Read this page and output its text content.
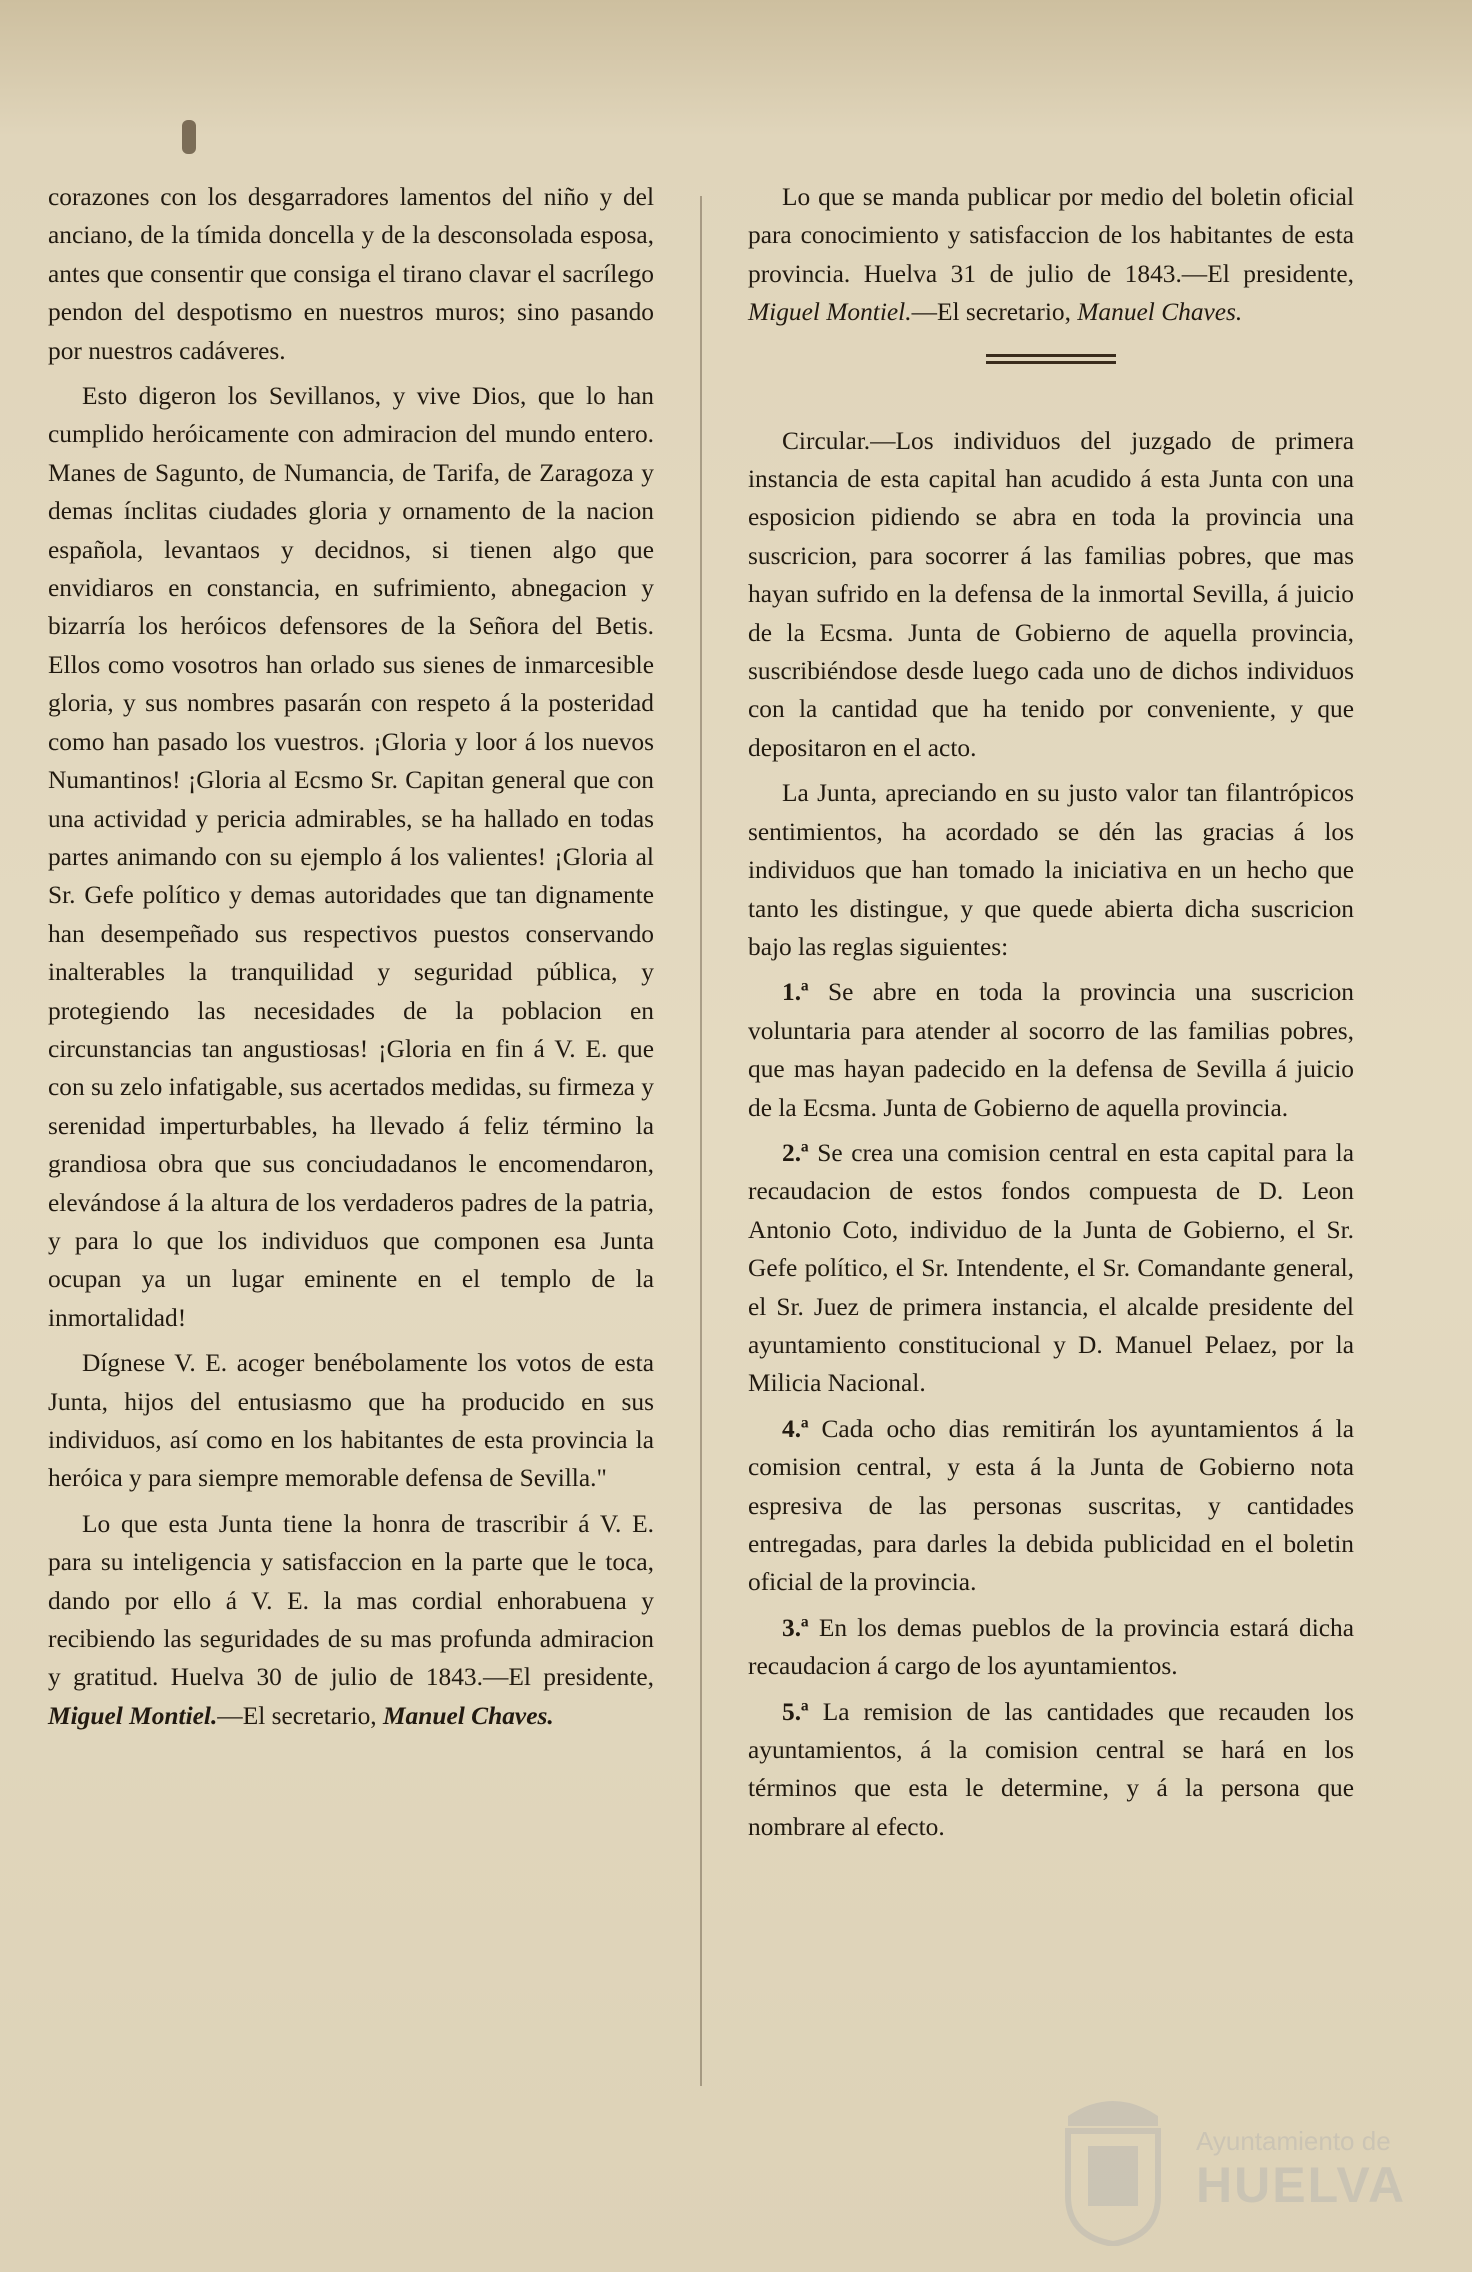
corazones con los desgarradores lamentos del niño y del anciano, de la tímida doncella y de la desconsolada esposa, antes que consentir que consiga el tirano clavar el sacrílego pendon del despotismo en nuestros muros; sino pasando por nuestros cadáveres.

Esto digeron los Sevillanos, y vive Dios, que lo han cumplido heróicamente con admiracion del mundo entero. Manes de Sagunto, de Numancia, de Tarifa, de Zaragoza y demas ínclitas ciudades gloria y ornamento de la nacion española, levantaos y decidnos, si tienen algo que envidiaros en constancia, en sufrimiento, abnegacion y bizarría los heróicos defensores de la Señora del Betis. Ellos como vosotros han orlado sus sienes de inmarcesible gloria, y sus nombres pasarán con respeto á la posteridad como han pasado los vuestros. ¡Gloria y loor á los nuevos Numantinos! ¡Gloria al Ecsmo Sr. Capitan general que con una actividad y pericia admirables, se ha hallado en todas partes animando con su ejemplo á los valientes! ¡Gloria al Sr. Gefe político y demas autoridades que tan dignamente han desempeñado sus respectivos puestos conservando inalterables la tranquilidad y seguridad pública, y protegiendo las necesidades de la poblacion en circunstancias tan angustiosas! ¡Gloria en fin á V. E. que con su zelo infatigable, sus acertados medidas, su firmeza y serenidad imperturbables, ha llevado á feliz término la grandiosa obra que sus conciudadanos le encomendaron, elevándose á la altura de los verdaderos padres de la patria, y para lo que los individuos que componen esa Junta ocupan ya un lugar eminente en el templo de la inmortalidad!

Dígnese V. E. acoger benébolamente los votos de esta Junta, hijos del entusiasmo que ha producido en sus individuos, así como en los habitantes de esta provincia la heróica y para siempre memorable defensa de Sevilla."

Lo que esta Junta tiene la honra de trascribir á V. E. para su inteligencia y satisfaccion en la parte que le toca, dando por ello á V. E. la mas cordial enhorabuena y recibiendo las seguridades de su mas profunda admiracion y gratitud. Huelva 30 de julio de 1843.—El presidente, Miguel Montiel.—El secretario, Manuel Chaves.

Lo que se manda publicar por medio del boletin oficial para conocimiento y satisfaccion de los habitantes de esta provincia. Huelva 31 de julio de 1843.—El presidente, Miguel Montiel.—El secretario, Manuel Chaves.

Circular.—Los individuos del juzgado de primera instancia de esta capital han acudido á esta Junta con una esposicion pidiendo se abra en toda la provincia una suscricion, para socorrer á las familias pobres, que mas hayan sufrido en la defensa de la inmortal Sevilla, á juicio de la Ecsma. Junta de Gobierno de aquella provincia, suscribiéndose desde luego cada uno de dichos individuos con la cantidad que ha tenido por conveniente, y que depositaron en el acto.

La Junta, apreciando en su justo valor tan filantrópicos sentimientos, ha acordado se dén las gracias á los individuos que han tomado la iniciativa en un hecho que tanto les distingue, y que quede abierta dicha suscricion bajo las reglas siguientes:

1.ª Se abre en toda la provincia una suscricion voluntaria para atender al socorro de las familias pobres, que mas hayan padecido en la defensa de Sevilla á juicio de la Ecsma. Junta de Gobierno de aquella provincia.

2.ª Se crea una comision central en esta capital para la recaudacion de estos fondos compuesta de D. Leon Antonio Coto, individuo de la Junta de Gobierno, el Sr. Gefe político, el Sr. Intendente, el Sr. Comandante general, el Sr. Juez de primera instancia, el alcalde presidente del ayuntamiento constitucional y D. Manuel Pelaez, por la Milicia Nacional.

4.ª Cada ocho dias remitirán los ayuntamientos á la comision central, y esta á la Junta de Gobierno nota espresiva de las personas suscritas, y cantidades entregadas, para darles la debida publicidad en el boletin oficial de la provincia.

3.ª En los demas pueblos de la provincia estará dicha recaudacion á cargo de los ayuntamientos.

5.ª La remision de las cantidades que recauden los ayuntamientos, á la comision central se hará en los términos que esta le determine, y á la persona que nombrare al efecto.

Ayuntamiento de
HUELVA
